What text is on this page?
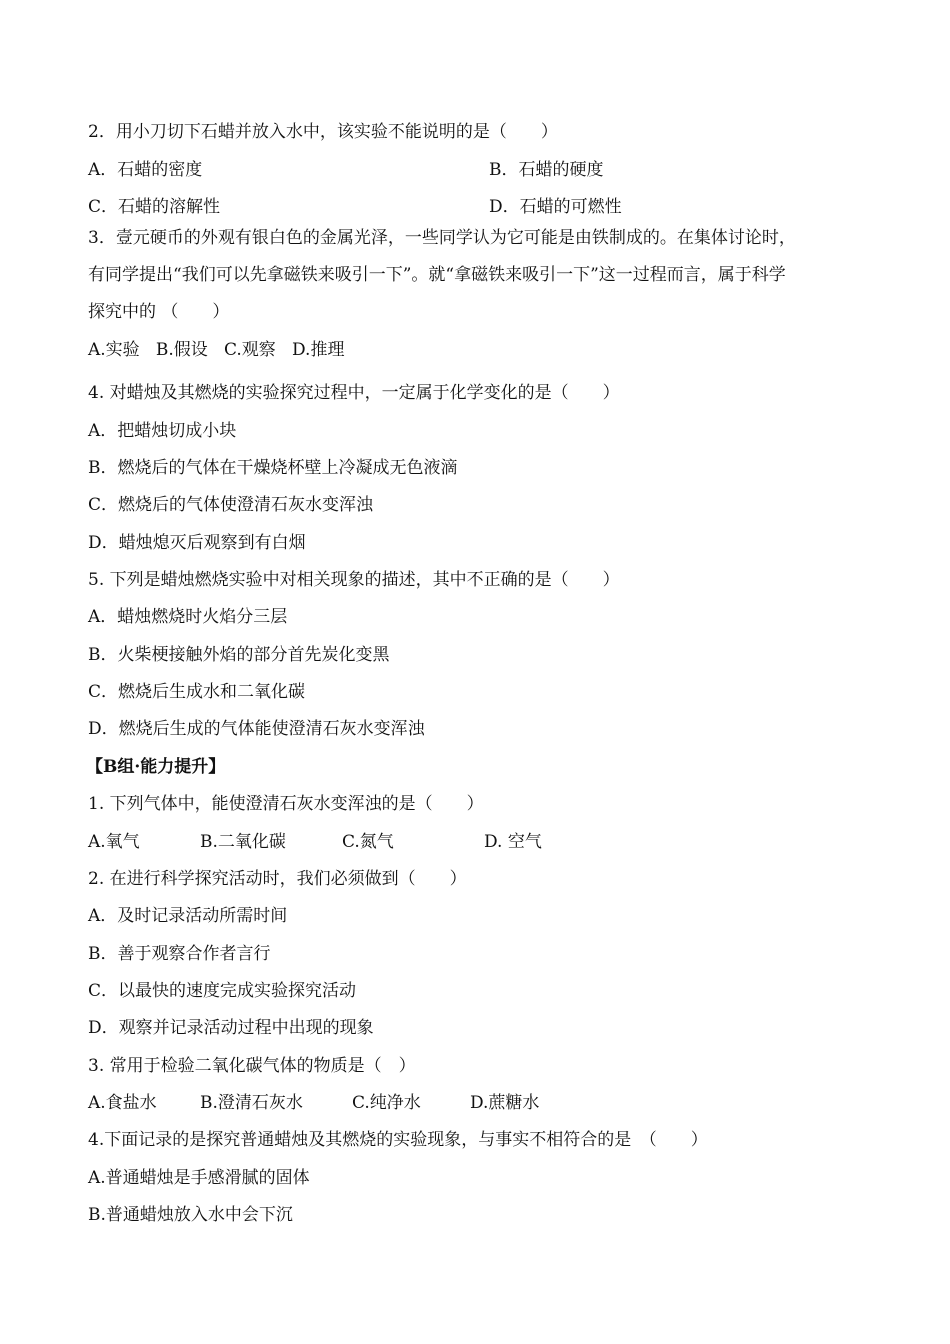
2．用小刀切下石蜡并放入水中，该实验不能说明的是（　　）
A．石蜡的密度	B．石蜡的硬度
C．石蜡的溶解性	D．石蜡的可燃性
3．壹元硬币的外观有银白色的金属光泽，一些同学认为它可能是由铁制成的。在集体讨论时，
有同学提出“我们可以先拿磁铁来吸引一下”。就“拿磁铁来吸引一下”这一过程而言，属于科学
探究中的 （　　）
A.实验   B.假设   C.观察   D.推理
4. 对蜡烛及其燃烧的实验探究过程中，一定属于化学变化的是（　　）
A．把蜡烛切成小块
B．燃烧后的气体在干燥烧杯壁上冷凝成无色液滴
C．燃烧后的气体使澄清石灰水变浑浊
D．蜡烛熄灭后观察到有白烟
5. 下列是蜡烛燃烧实验中对相关现象的描述，其中不正确的是（　　）
A．蜡烛燃烧时火焰分三层
B．火柴梗接触外焰的部分首先炭化变黑
C．燃烧后生成水和二氧化碳
D．燃烧后生成的气体能使澄清石灰水变浑浊
【B组·能力提升】
1. 下列气体中，能使澄清石灰水变浑浊的是（　　）
A.氧气	B.二氧化碳	C.氮气	D. 空气
2. 在进行科学探究活动时，我们必须做到（　　）
A．及时记录活动所需时间
B．善于观察合作者言行
C．以最快的速度完成实验探究活动
D．观察并记录活动过程中出现的现象
3. 常用于检验二氧化碳气体的物质是（　）
A.食盐水	B.澄清石灰水	C.纯净水	D.蔗糖水
4.下面记录的是探究普通蜡烛及其燃烧的实验现象，与事实不相符合的是　（　　）
A.普通蜡烛是手感滑腻的固体
B.普通蜡烛放入水中会下沉
